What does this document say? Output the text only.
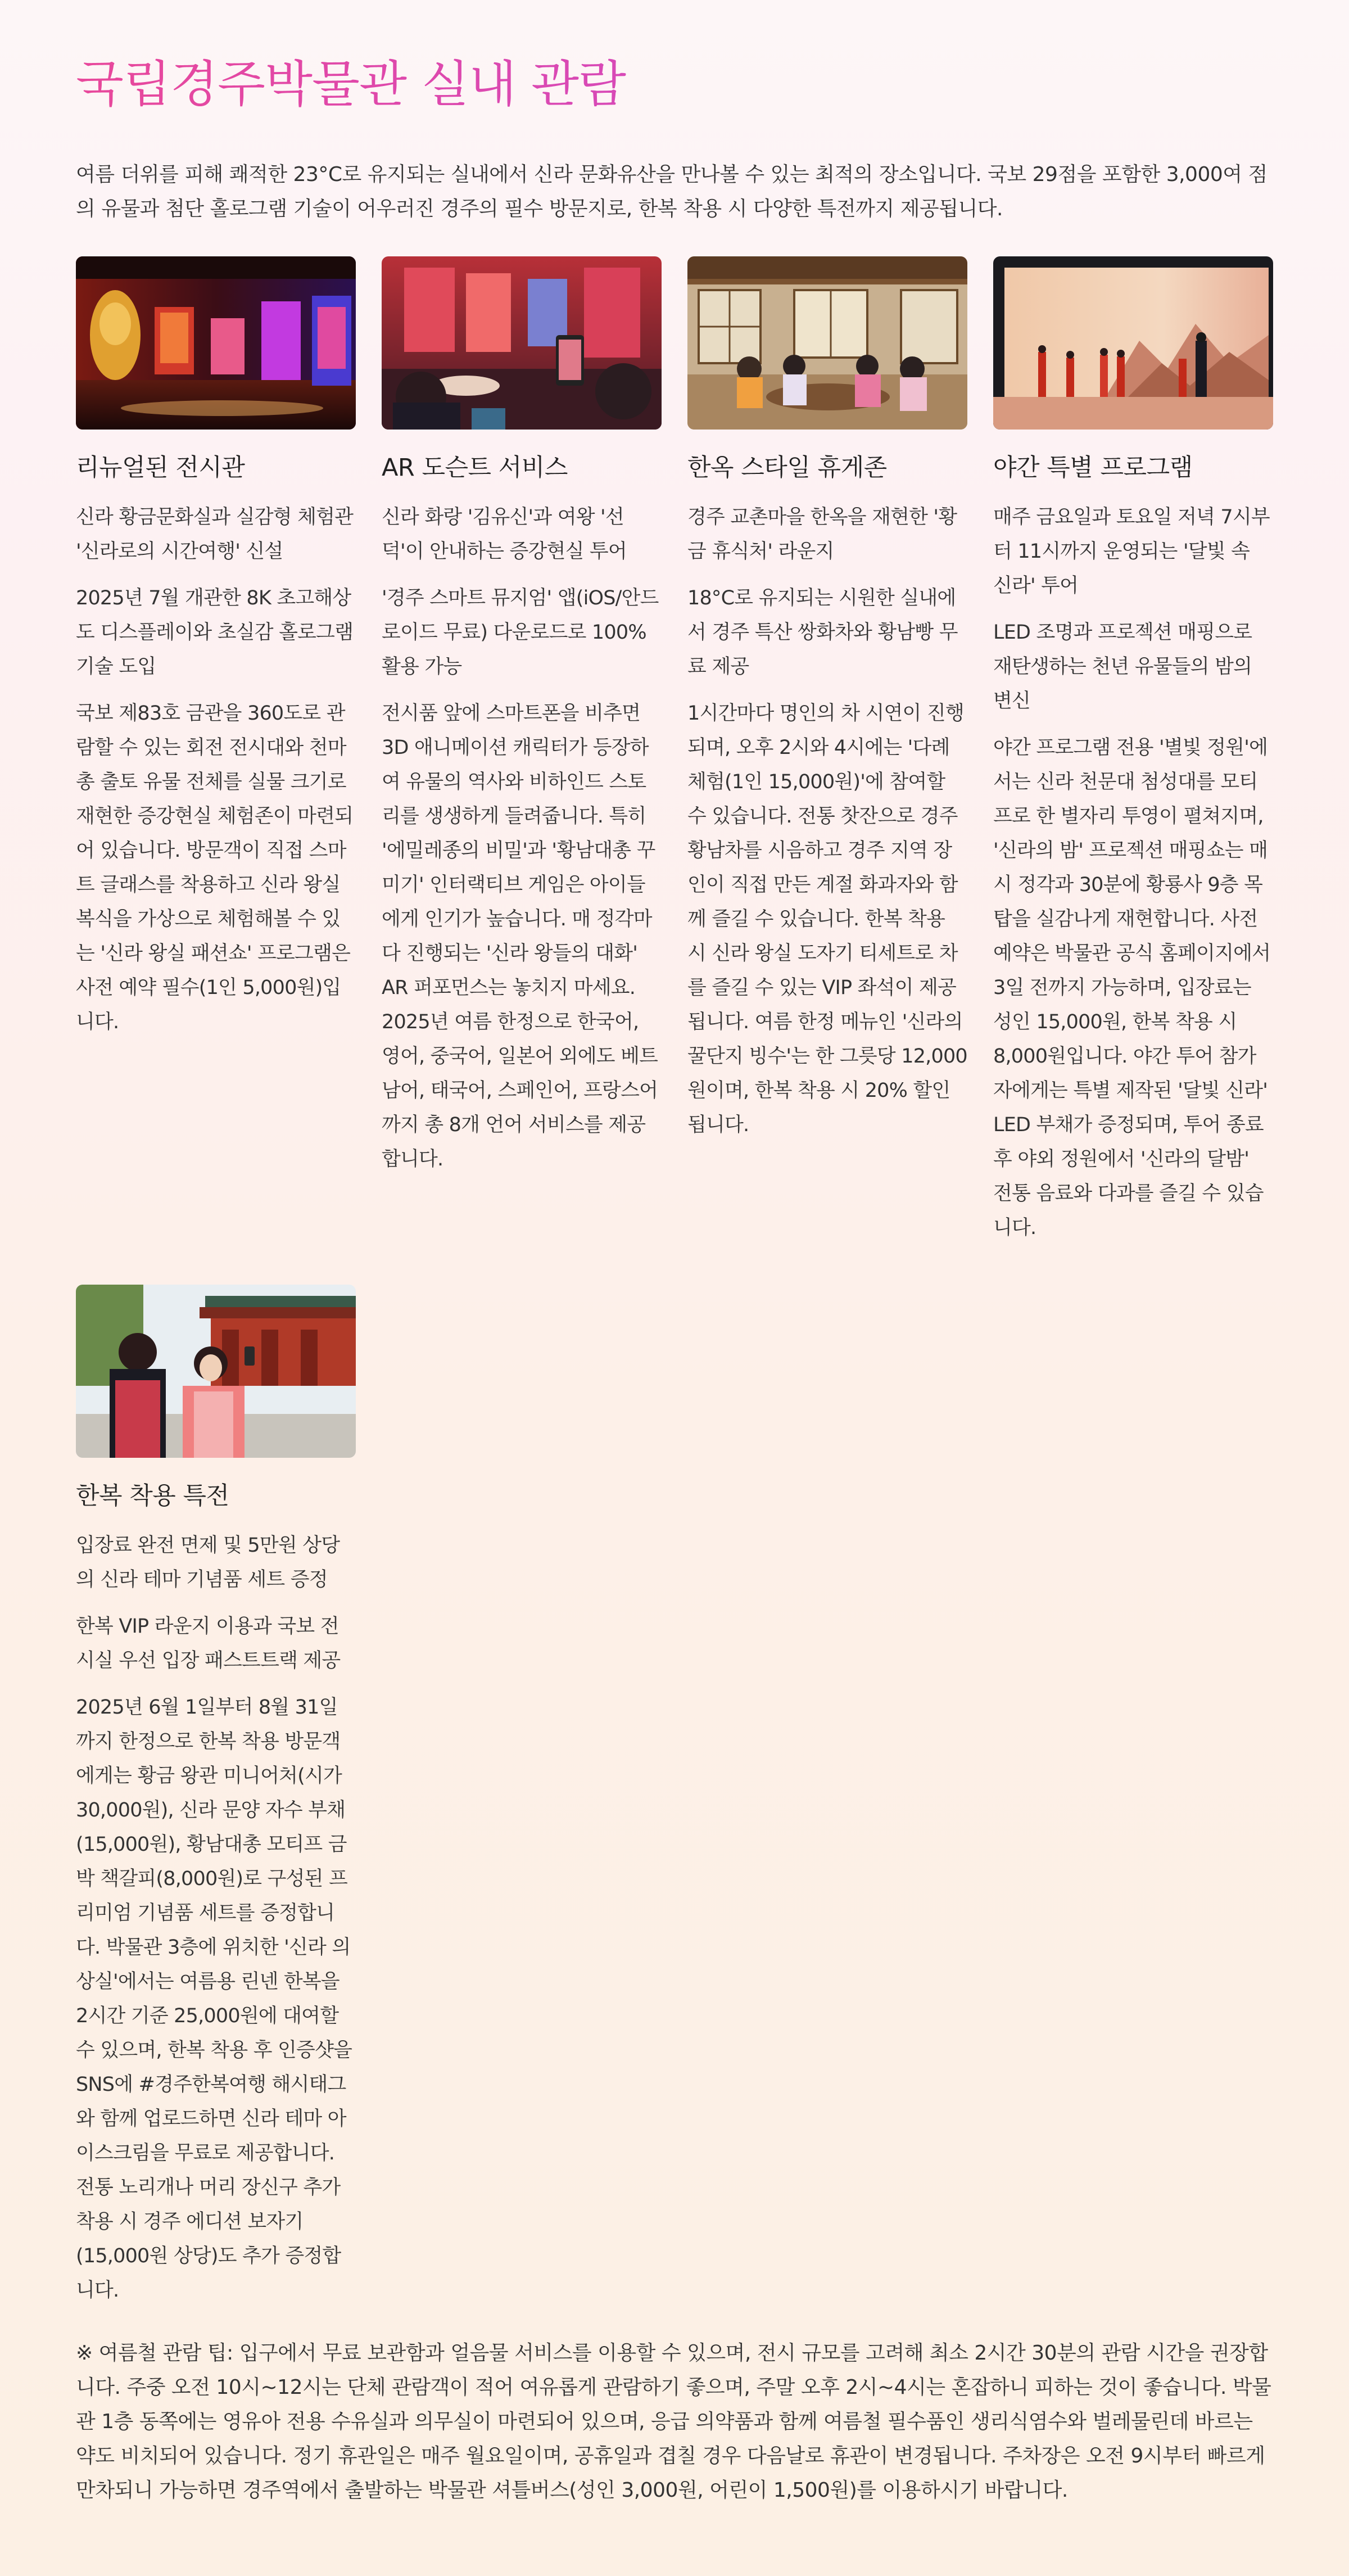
국립경주박물관 실내 관람

여름 더위를 피해 쾌적한 23°C로 유지되는 실내에서 신라 문화유산을 만나볼 수 있는 최적의 장소입니다. 국보 29점을 포함한 3,000여 점의 유물과 첨단 홀로그램 기술이 어우러진 경주의 필수 방문지로, 한복 착용 시 다양한 특전까지 제공됩니다.

리뉴얼된 전시관

신라 황금문화실과 실감형 체험관 '신라로의 시간여행' 신설

2025년 7월 개관한 8K 초고해상도 디스플레이와 초실감 홀로그램 기술 도입

국보 제83호 금관을 360도로 관람할 수 있는 회전 전시대와 천마총 출토 유물 전체를 실물 크기로 재현한 증강현실 체험존이 마련되어 있습니다. 방문객이 직접 스마트 글래스를 착용하고 신라 왕실 복식을 가상으로 체험해볼 수 있는 '신라 왕실 패션쇼' 프로그램은 사전 예약 필수(1인 5,000원)입니다.

AR 도슨트 서비스

신라 화랑 '김유신'과 여왕 '선덕'이 안내하는 증강현실 투어

'경주 스마트 뮤지엄' 앱(iOS/안드로이드 무료) 다운로드로 100% 활용 가능

전시품 앞에 스마트폰을 비추면 3D 애니메이션 캐릭터가 등장하여 유물의 역사와 비하인드 스토리를 생생하게 들려줍니다. 특히 '에밀레종의 비밀'과 '황남대총 꾸미기' 인터랙티브 게임은 아이들에게 인기가 높습니다. 매 정각마다 진행되는 '신라 왕들의 대화' AR 퍼포먼스는 놓치지 마세요. 2025년 여름 한정으로 한국어, 영어, 중국어, 일본어 외에도 베트남어, 태국어, 스페인어, 프랑스어까지 총 8개 언어 서비스를 제공합니다.

한옥 스타일 휴게존

경주 교촌마을 한옥을 재현한 '황금 휴식처' 라운지

18°C로 유지되는 시원한 실내에서 경주 특산 쌍화차와 황남빵 무료 제공

1시간마다 명인의 차 시연이 진행되며, 오후 2시와 4시에는 '다례 체험(1인 15,000원)'에 참여할 수 있습니다. 전통 찻잔으로 경주 황남차를 시음하고 경주 지역 장인이 직접 만든 계절 화과자와 함께 즐길 수 있습니다. 한복 착용 시 신라 왕실 도자기 티세트로 차를 즐길 수 있는 VIP 좌석이 제공됩니다. 여름 한정 메뉴인 '신라의 꿀단지 빙수'는 한 그릇당 12,000원이며, 한복 착용 시 20% 할인됩니다.

야간 특별 프로그램

매주 금요일과 토요일 저녁 7시부터 11시까지 운영되는 '달빛 속 신라' 투어

LED 조명과 프로젝션 매핑으로 재탄생하는 천년 유물들의 밤의 변신

야간 프로그램 전용 '별빛 정원'에서는 신라 천문대 첨성대를 모티프로 한 별자리 투영이 펼쳐지며, '신라의 밤' 프로젝션 매핑쇼는 매시 정각과 30분에 황룡사 9층 목탑을 실감나게 재현합니다. 사전 예약은 박물관 공식 홈페이지에서 3일 전까지 가능하며, 입장료는 성인 15,000원, 한복 착용 시 8,000원입니다. 야간 투어 참가자에게는 특별 제작된 '달빛 신라' LED 부채가 증정되며, 투어 종료 후 야외 정원에서 '신라의 달밤' 전통 음료와 다과를 즐길 수 있습니다.

한복 착용 특전

입장료 완전 면제 및 5만원 상당의 신라 테마 기념품 세트 증정

한복 VIP 라운지 이용과 국보 전시실 우선 입장 패스트트랙 제공

2025년 6월 1일부터 8월 31일까지 한정으로 한복 착용 방문객에게는 황금 왕관 미니어처(시가 30,000원), 신라 문양 자수 부채(15,000원), 황남대총 모티프 금박 책갈피(8,000원)로 구성된 프리미엄 기념품 세트를 증정합니다. 박물관 3층에 위치한 '신라 의상실'에서는 여름용 린넨 한복을 2시간 기준 25,000원에 대여할 수 있으며, 한복 착용 후 인증샷을 SNS에 #경주한복여행 해시태그와 함께 업로드하면 신라 테마 아이스크림을 무료로 제공합니다. 전통 노리개나 머리 장신구 추가 착용 시 경주 에디션 보자기(15,000원 상당)도 추가 증정합니다.

※ 여름철 관람 팁: 입구에서 무료 보관함과 얼음물 서비스를 이용할 수 있으며, 전시 규모를 고려해 최소 2시간 30분의 관람 시간을 권장합니다. 주중 오전 10시~12시는 단체 관람객이 적어 여유롭게 관람하기 좋으며, 주말 오후 2시~4시는 혼잡하니 피하는 것이 좋습니다. 박물관 1층 동쪽에는 영유아 전용 수유실과 의무실이 마련되어 있으며, 응급 의약품과 함께 여름철 필수품인 생리식염수와 벌레물린데 바르는 약도 비치되어 있습니다. 정기 휴관일은 매주 월요일이며, 공휴일과 겹칠 경우 다음날로 휴관이 변경됩니다. 주차장은 오전 9시부터 빠르게 만차되니 가능하면 경주역에서 출발하는 박물관 셔틀버스(성인 3,000원, 어린이 1,500원)를 이용하시기 바랍니다.
